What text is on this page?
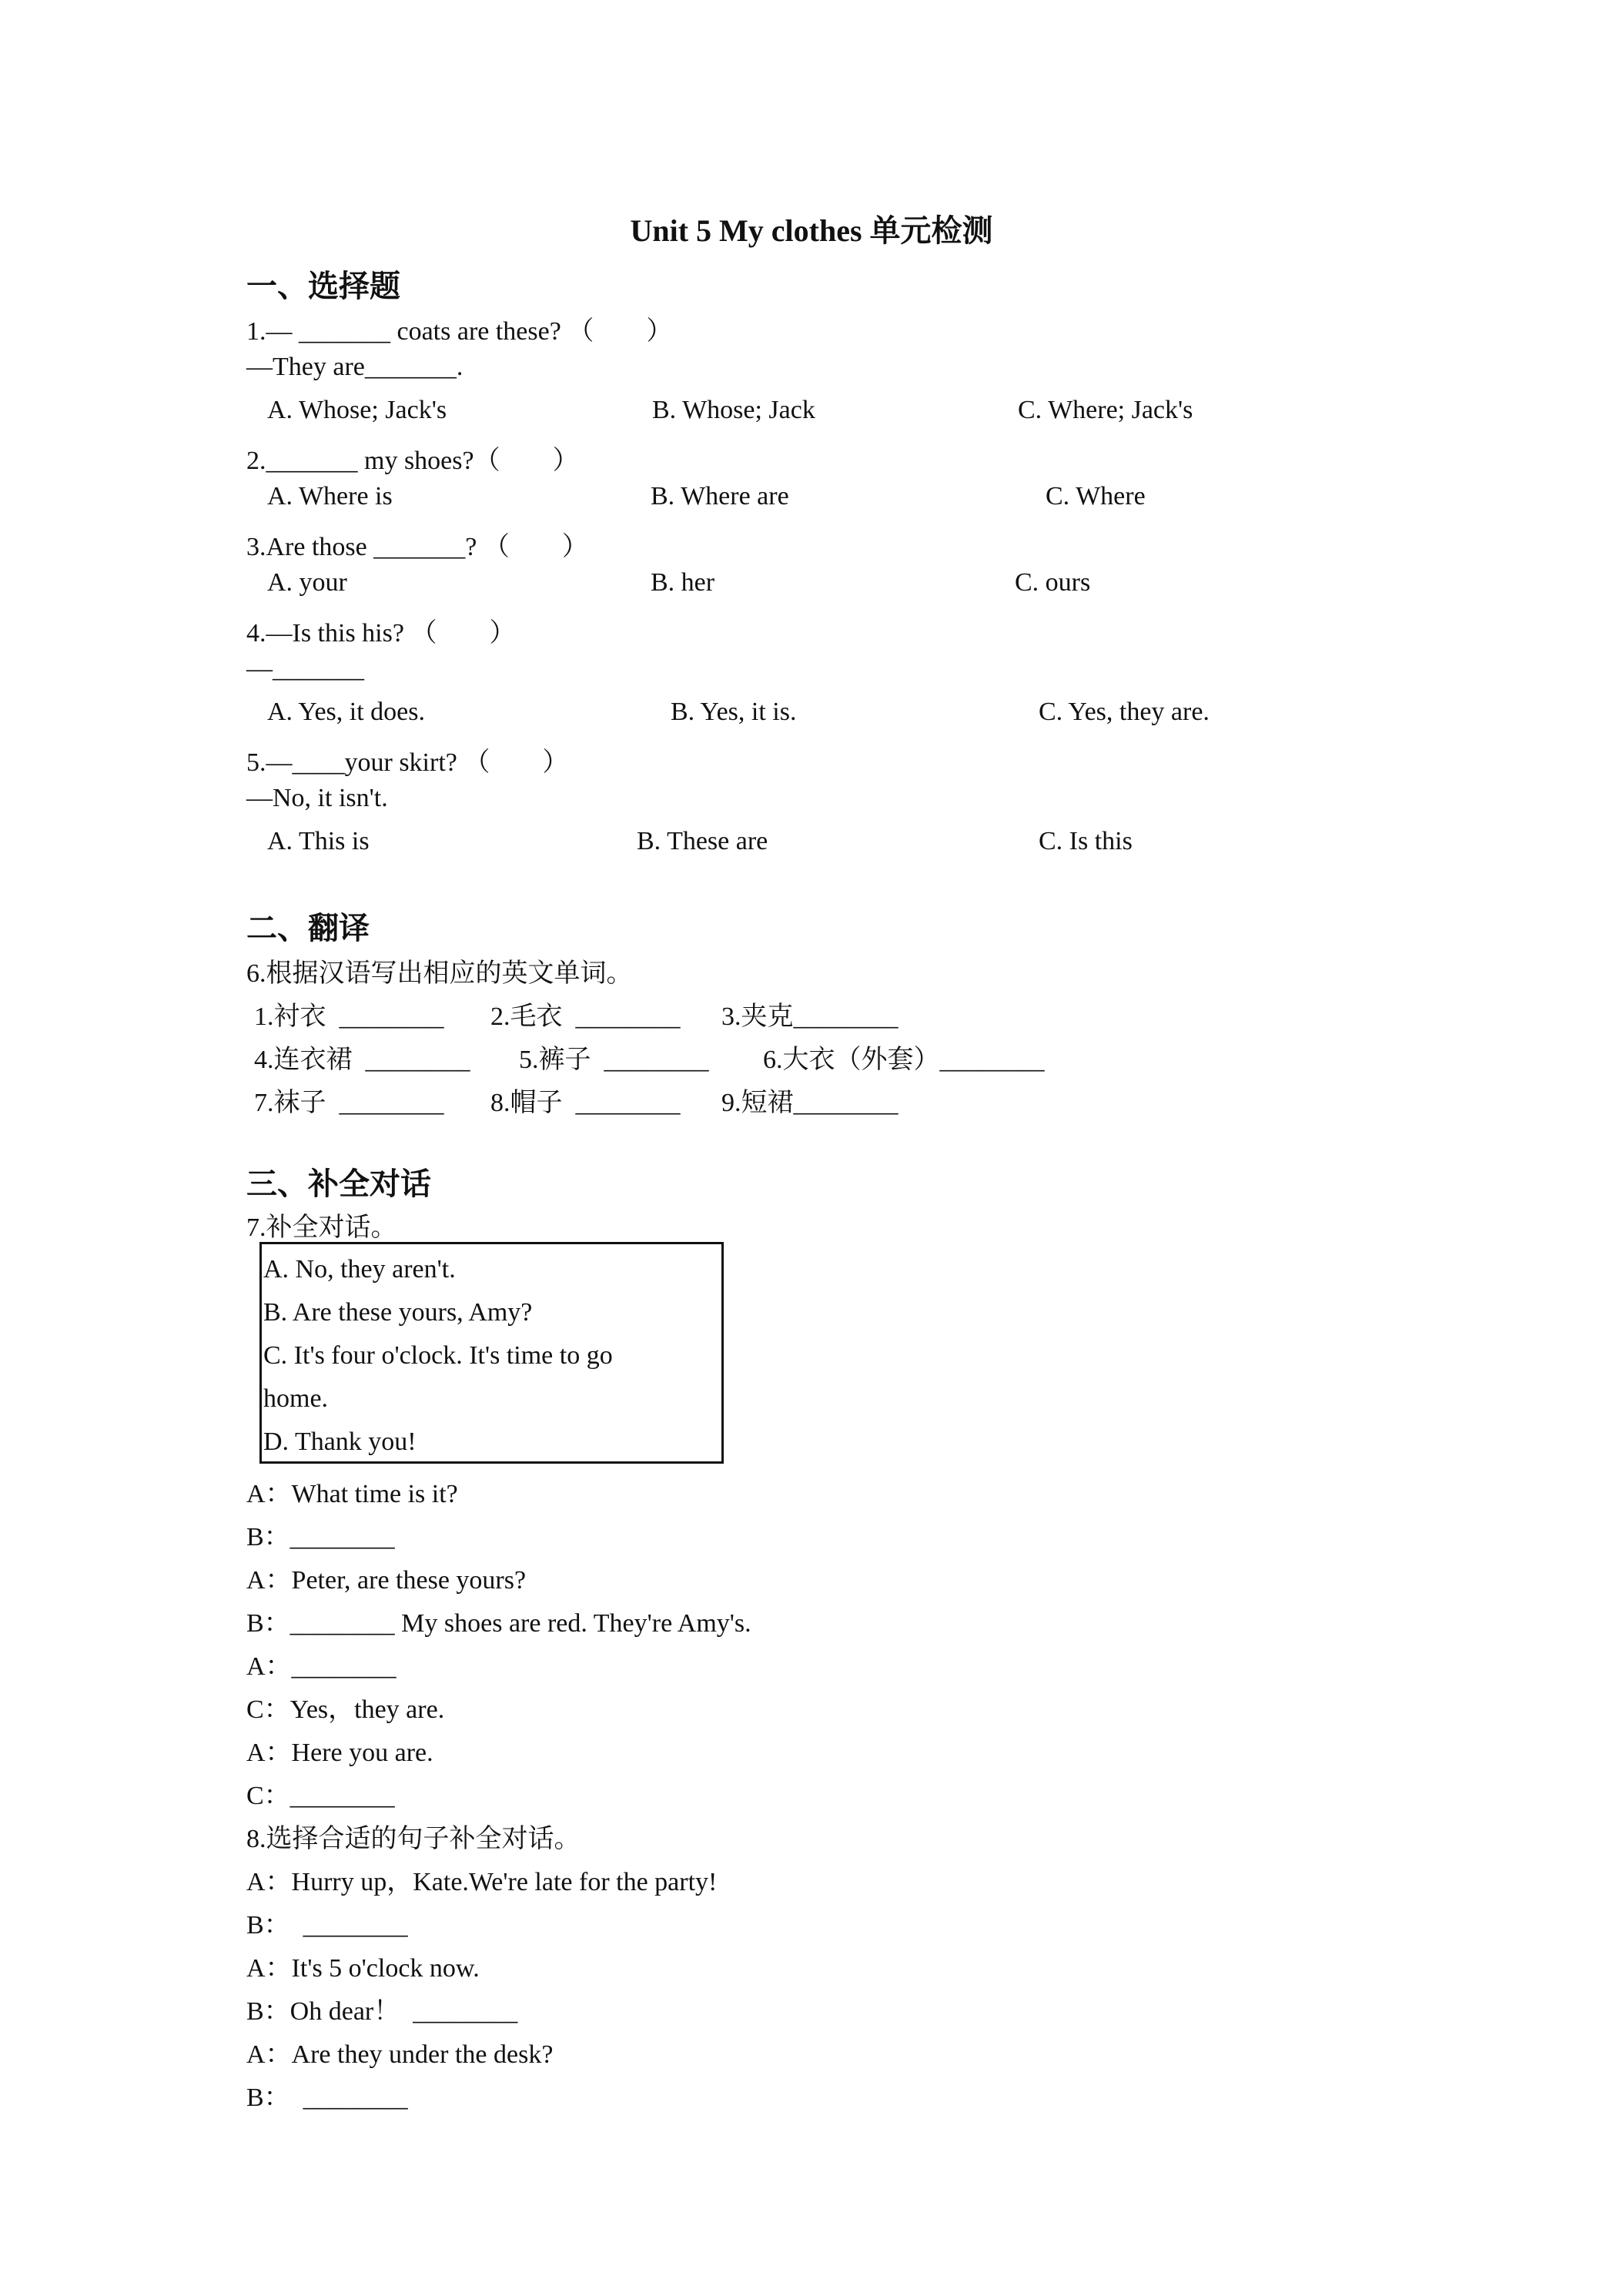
Unit 5 My clothes 单元检测
一、选择题
1.— _______ coats are these? （　　）
—They are_______.
A. Whose; Jack's	B. Whose; Jack	C. Where; Jack's
2._______ my shoes?（　　）
A. Where is	B. Where are	C. Where
3.Are those _______? （　　）
A. your	B. her	C. ours
4.—Is this his? （　　）
—_______
A. Yes, it does.	B. Yes, it is.	C. Yes, they are.
5.—____your skirt? （　　）
—No, it isn't.
A. This is	B. These are	C. Is this
二、翻译
6.根据汉语写出相应的英文单词。
1.衬衣  ________ 2.毛衣  ________ 3.夹克________
4.连衣裙  ________ 5.裤子  ________ 6.大衣（外套）________
7.袜子  ________ 8.帽子  ________ 9.短裙________
三、补全对话
7.补全对话。
A. No, they aren't.
B. Are these yours, Amy?
C. It's four o'clock. It's time to go
home.
D. Thank you!
A：What time is it?
B：________
A：Peter, are these yours?
B：________ My shoes are red. They're Amy's.
A：________
C：Yes，they are.
A：Here you are.
C：________
8.选择合适的句子补全对话。
A：Hurry up，Kate.We're late for the party!
B：  ________
A：It's 5 o'clock now.
B：Oh dear！  ________
A：Are they under the desk?
B：  ________
